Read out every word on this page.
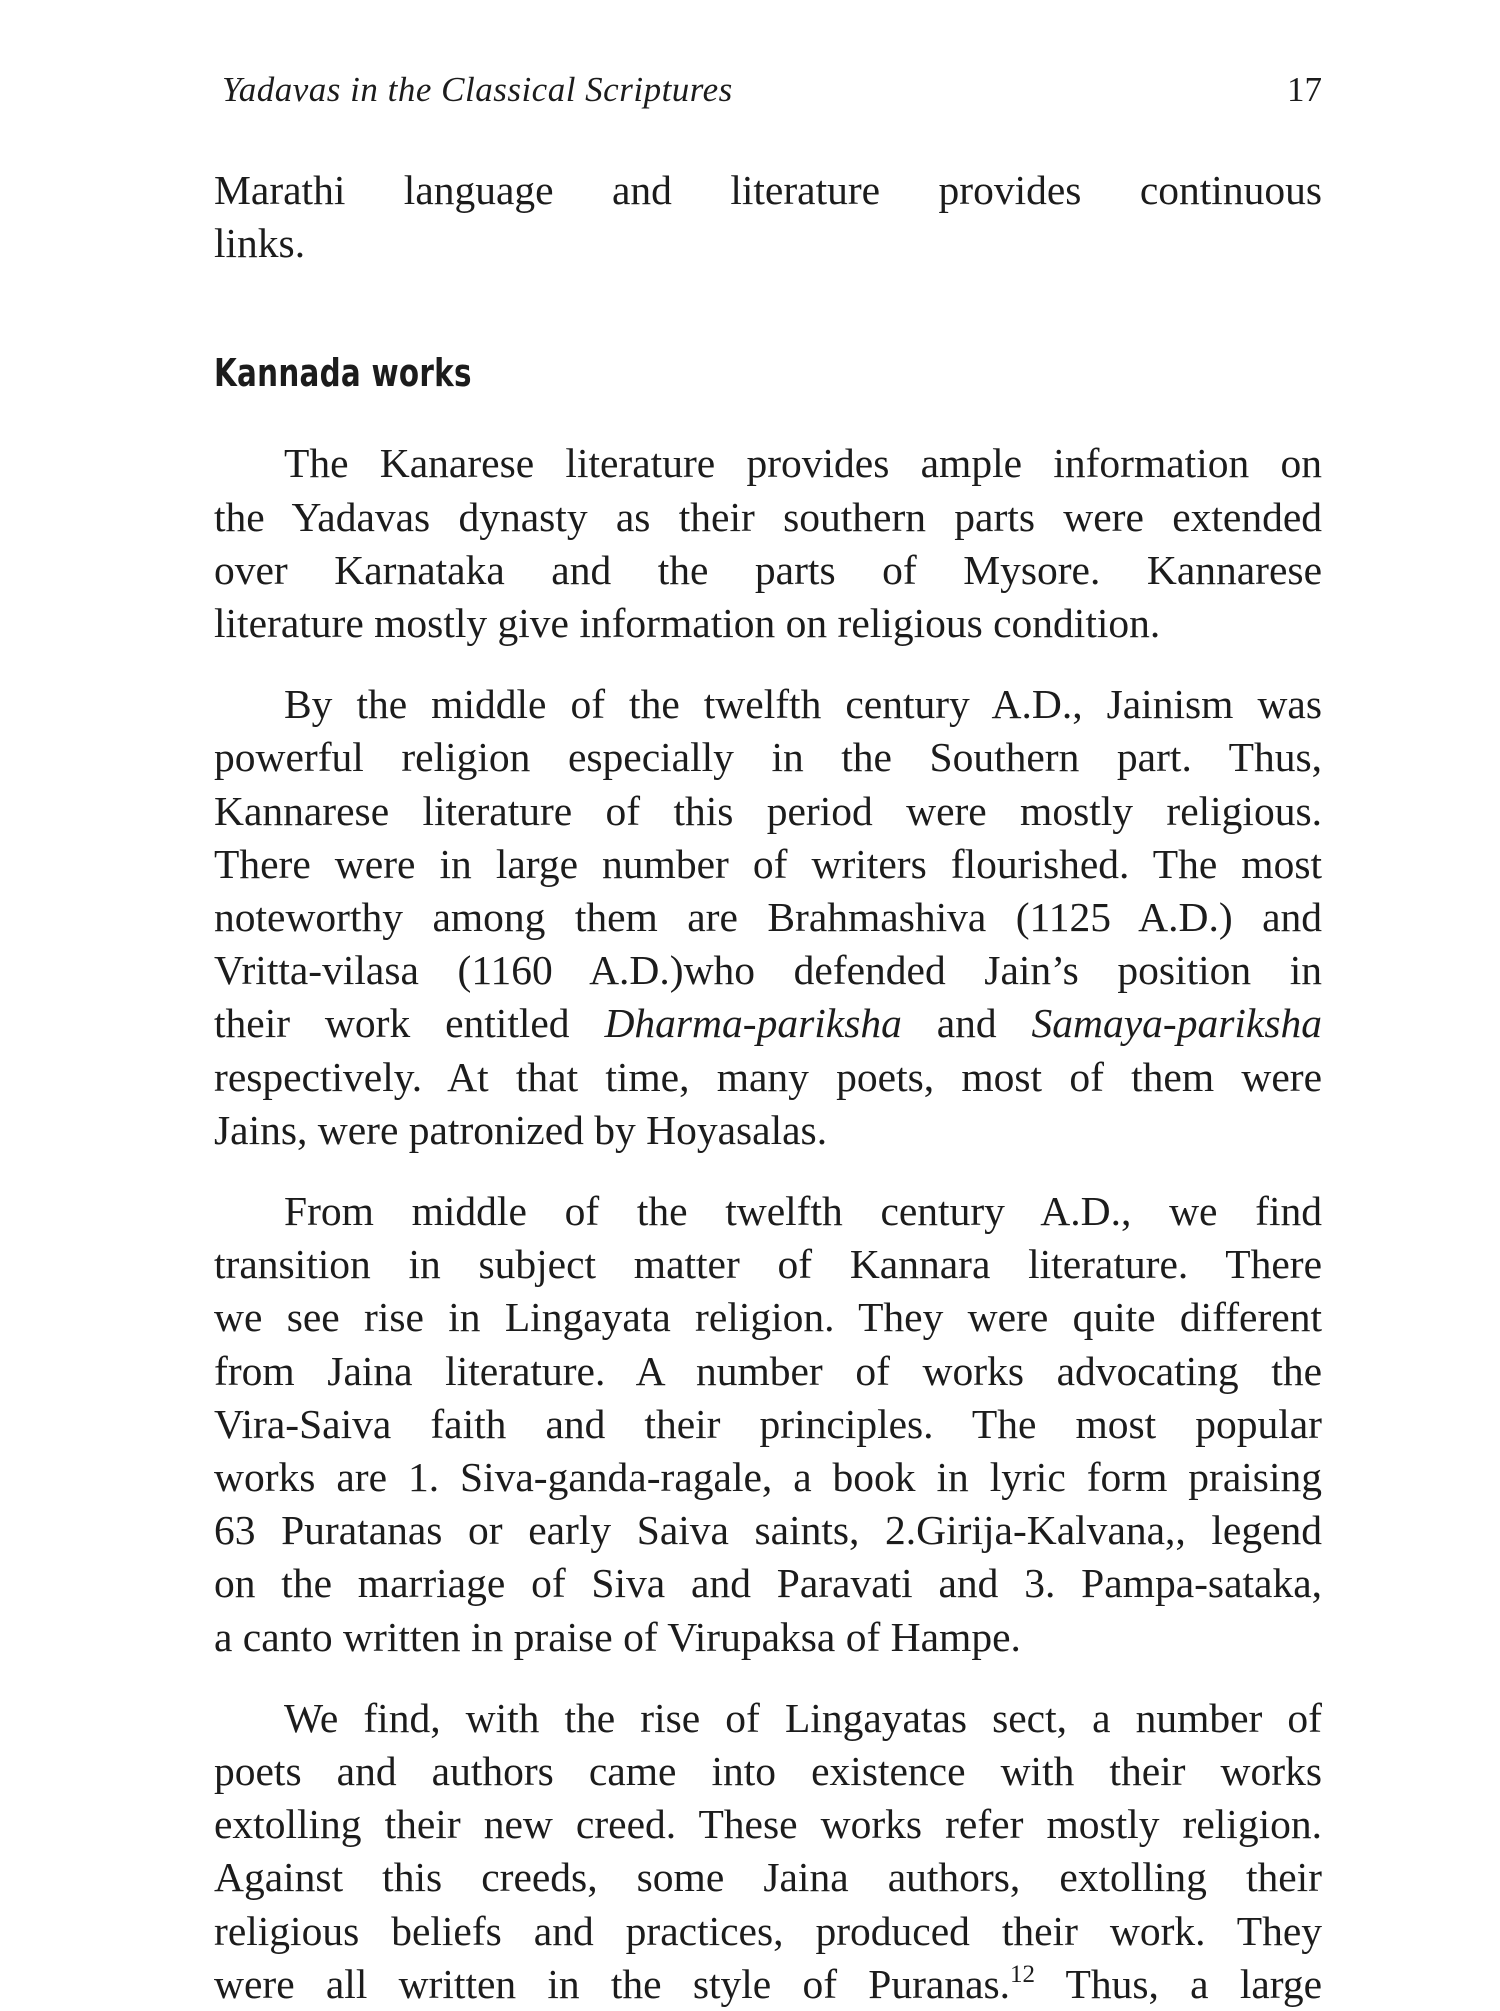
Yadavas in the Classical Scriptures	17

Marathi language and literature provides continuous
links.

Kannada works

The Kanarese literature provides ample information on
the Yadavas dynasty as their southern parts were extended
over Karnataka and the parts of Mysore. Kannarese
literature mostly give information on religious condition.

By the middle of the twelfth century A.D., Jainism was
powerful religion especially in the Southern part. Thus,
Kannarese literature of this period were mostly religious.
There were in large number of writers flourished. The most
noteworthy among them are Brahmashiva (1125 A.D.) and
Vritta-vilasa (1160 A.D.)who defended Jain’s position in
their work entitled Dharma-pariksha and Samaya-pariksha
respectively. At that time, many poets, most of them were
Jains, were patronized by Hoyasalas.

From middle of the twelfth century A.D., we find
transition in subject matter of Kannara literature. There
we see rise in Lingayata religion. They were quite different
from Jaina literature. A number of works advocating the
Vira-Saiva faith and their principles. The most popular
works are 1. Siva-ganda-ragale, a book in lyric form praising
63 Puratanas or early Saiva saints, 2.Girija-Kalvana,, legend
on the marriage of Siva and Paravati and 3. Pampa-sataka,
a canto written in praise of Virupaksa of Hampe.

We find, with the rise of Lingayatas sect, a number of
poets and authors came into existence with their works
extolling their new creed. These works refer mostly religion.
Against this creeds, some Jaina authors, extolling their
religious beliefs and practices, produced their work. They
were all written in the style of Puranas.$^{12}$ Thus, a large
